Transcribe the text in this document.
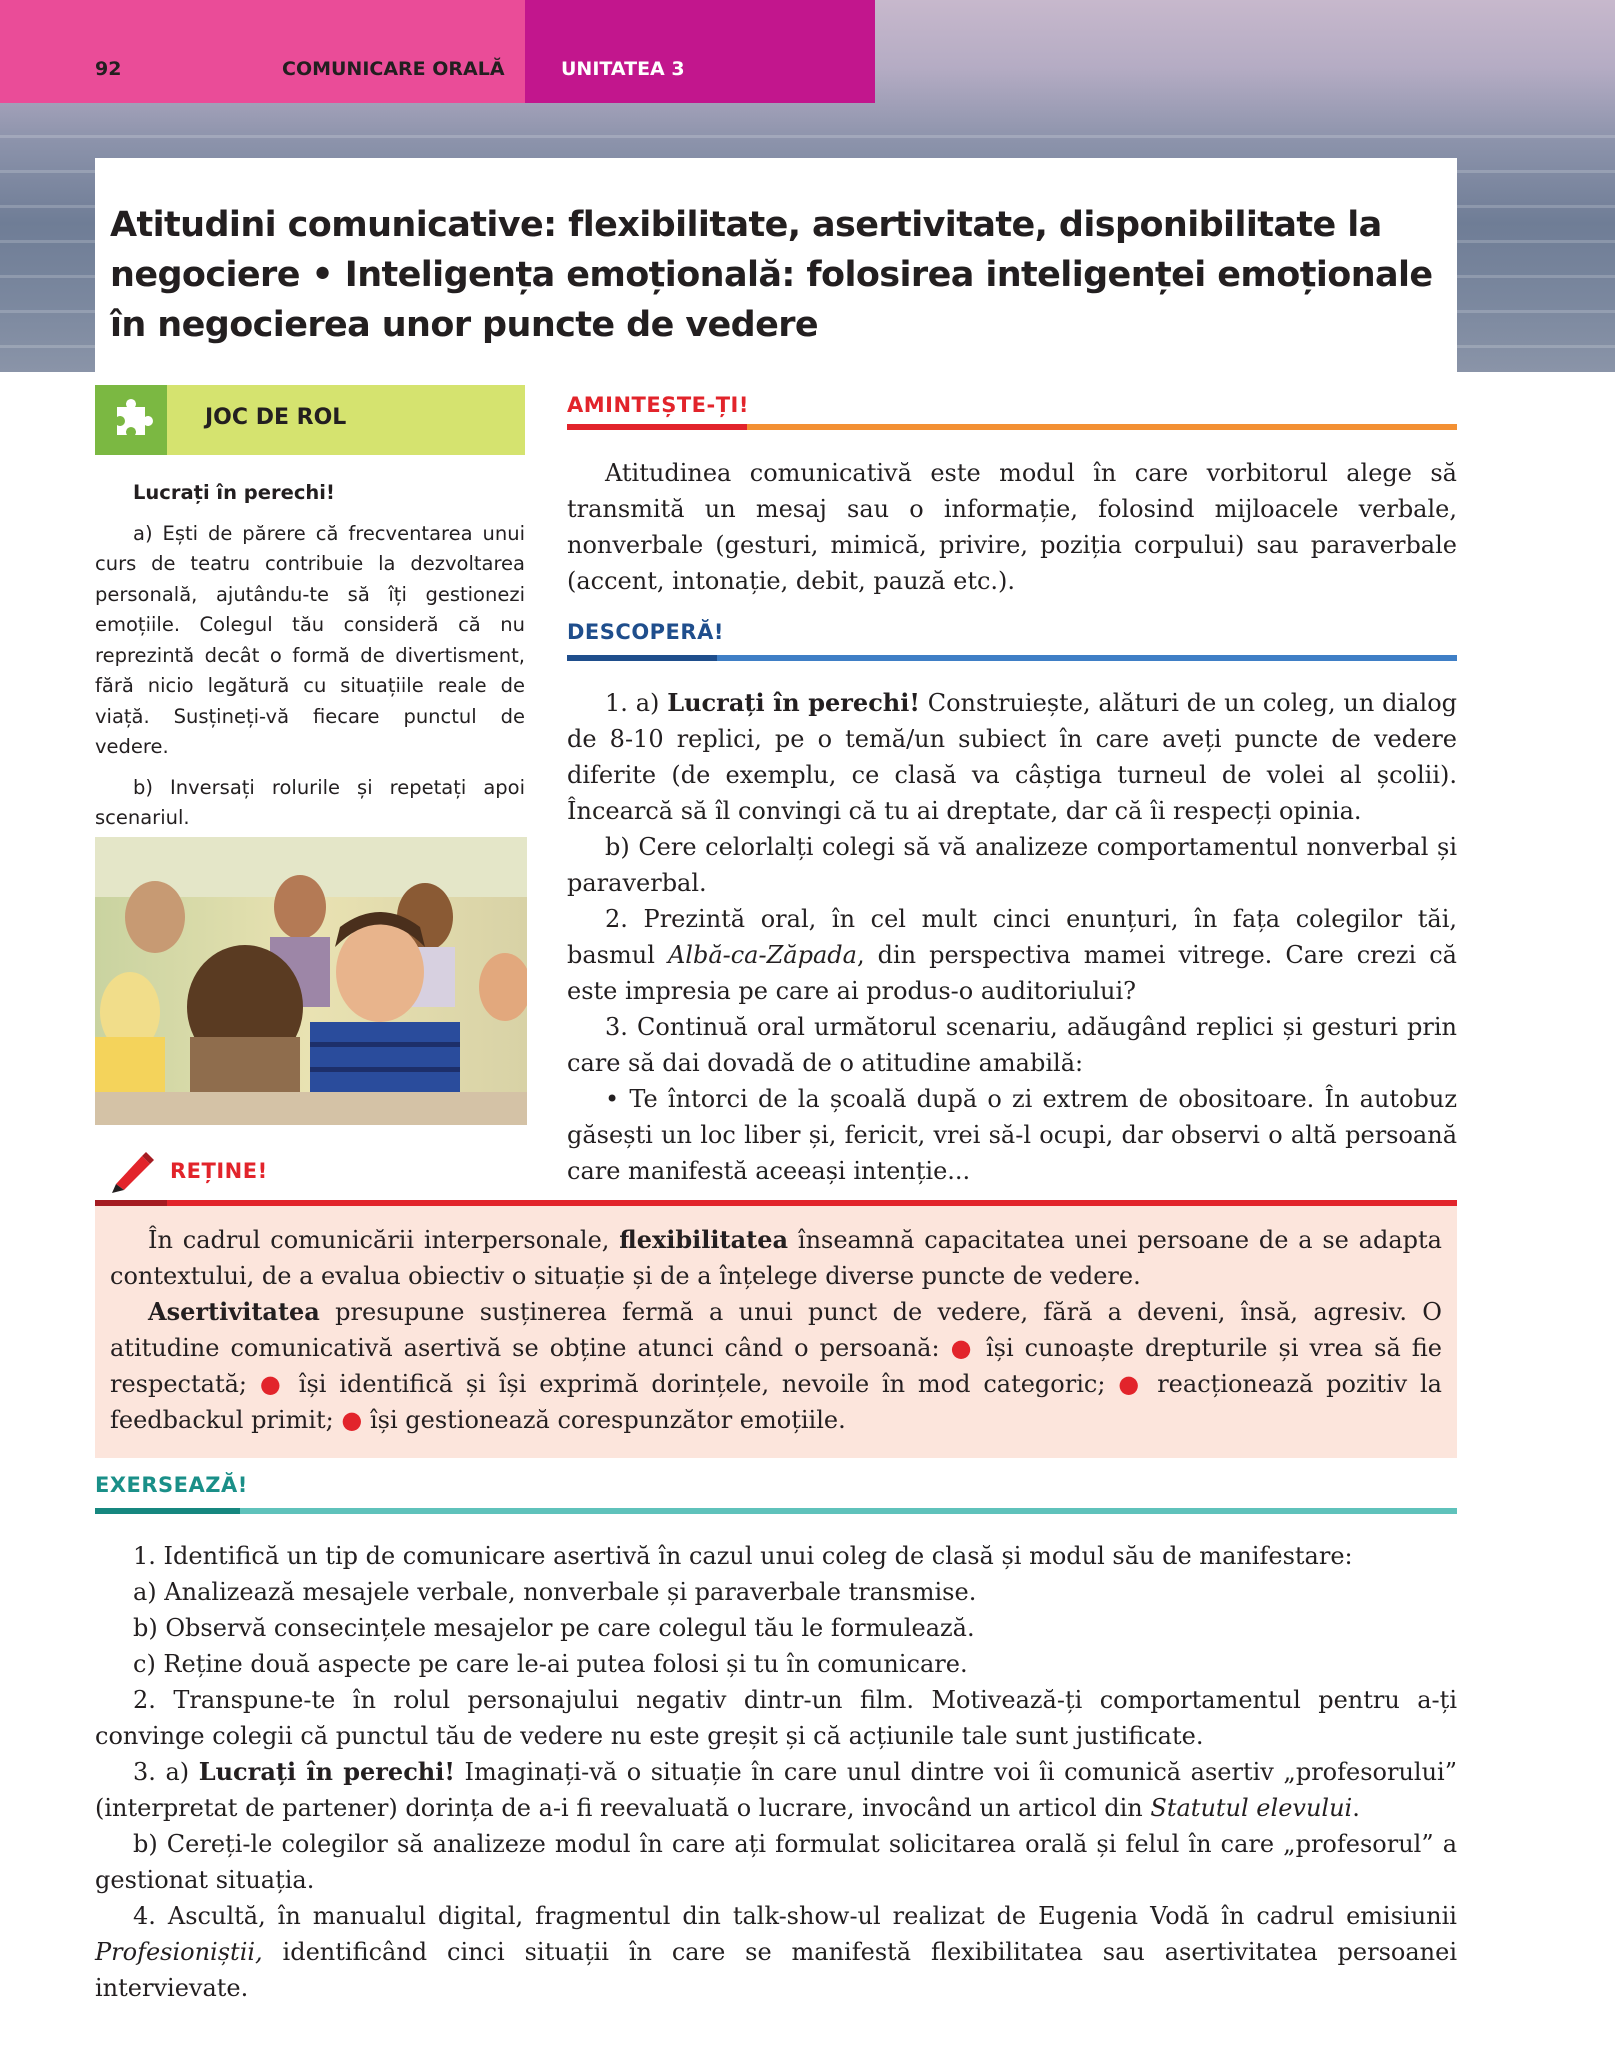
92	COMUNICARE ORALĂ	UNITATEA 3
Atitudini comunicative: flexibilitate, asertivitate, disponibilitate la negociere • Inteligența emoțională: folosirea inteligenței emoționale în negocierea unor puncte de vedere
JOC DE ROL

Lucrați în perechi!

a) Ești de părere că frecventarea unui curs de teatru contribuie la dezvoltarea personală, ajutându-te să îți gestionezi emoțiile. Colegul tău consideră că nu reprezintă decât o formă de divertisment, fără nicio legătură cu situațiile reale de viață. Susțineți-vă fiecare punctul de vedere.

b) Inversați rolurile și repetați apoi scenariul.

AMINTEȘTE-ȚI!

Atitudinea comunicativă este modul în care vorbitorul alege să transmită un mesaj sau o informație, folosind mijloacele verbale, nonverbale (gesturi, mimică, privire, poziția corpului) sau paraverbale (accent, intonație, debit, pauză etc.).

DESCOPERĂ!

1. a) Lucrați în perechi! Construiește, alături de un coleg, un dialog de 8-10 replici, pe o temă/un subiect în care aveți puncte de vedere diferite (de exemplu, ce clasă va câștiga turneul de volei al școlii). Încearcă să îl convingi că tu ai dreptate, dar că îi respecți opinia.

b) Cere celorlalți colegi să vă analizeze comportamentul nonverbal și paraverbal.

2. Prezintă oral, în cel mult cinci enunțuri, în fața colegilor tăi, basmul Albă-ca-Zăpada, din perspectiva mamei vitrege. Care crezi că este impresia pe care ai produs-o auditoriului?

3. Continuă oral următorul scenariu, adăugând replici și gesturi prin care să dai dovadă de o atitudine amabilă:

• Te întorci de la școală după o zi extrem de obositoare. În autobuz găsești un loc liber și, fericit, vrei să-l ocupi, dar observi o altă persoană care manifestă aceeași intenție...

REȚINE!

În cadrul comunicării interpersonale, flexibilitatea înseamnă capacitatea unei persoane de a se adapta contextului, de a evalua obiectiv o situație și de a înțelege diverse puncte de vedere.

Asertivitatea presupune susținerea fermă a unui punct de vedere, fără a deveni, însă, agresiv. O atitudine comunicativă asertivă se obține atunci când o persoană: ● își cunoaște drepturile și vrea să fie respectată; ● își identifică și își exprimă dorințele, nevoile în mod categoric; ● reacționează pozitiv la feedbackul primit; ● își gestionează corespunzător emoțiile.

EXERSEAZĂ!

1. Identifică un tip de comunicare asertivă în cazul unui coleg de clasă și modul său de manifestare:

a) Analizează mesajele verbale, nonverbale și paraverbale transmise.

b) Observă consecințele mesajelor pe care colegul tău le formulează.

c) Reține două aspecte pe care le-ai putea folosi și tu în comunicare.

2. Transpune-te în rolul personajului negativ dintr-un film. Motivează-ți comportamentul pentru a-ți convinge colegii că punctul tău de vedere nu este greșit și că acțiunile tale sunt justificate.

3. a) Lucrați în perechi! Imaginați-vă o situație în care unul dintre voi îi comunică asertiv „profesorului” (interpretat de partener) dorința de a-i fi reevaluată o lucrare, invocând un articol din Statutul elevului.

b) Cereți-le colegilor să analizeze modul în care ați formulat solicitarea orală și felul în care „profesorul” a gestionat situația.

4. Ascultă, în manualul digital, fragmentul din talk-show-ul realizat de Eugenia Vodă în cadrul emisiunii Profesioniștii, identificând cinci situații în care se manifestă flexibilitatea sau asertivitatea persoanei intervievate.
